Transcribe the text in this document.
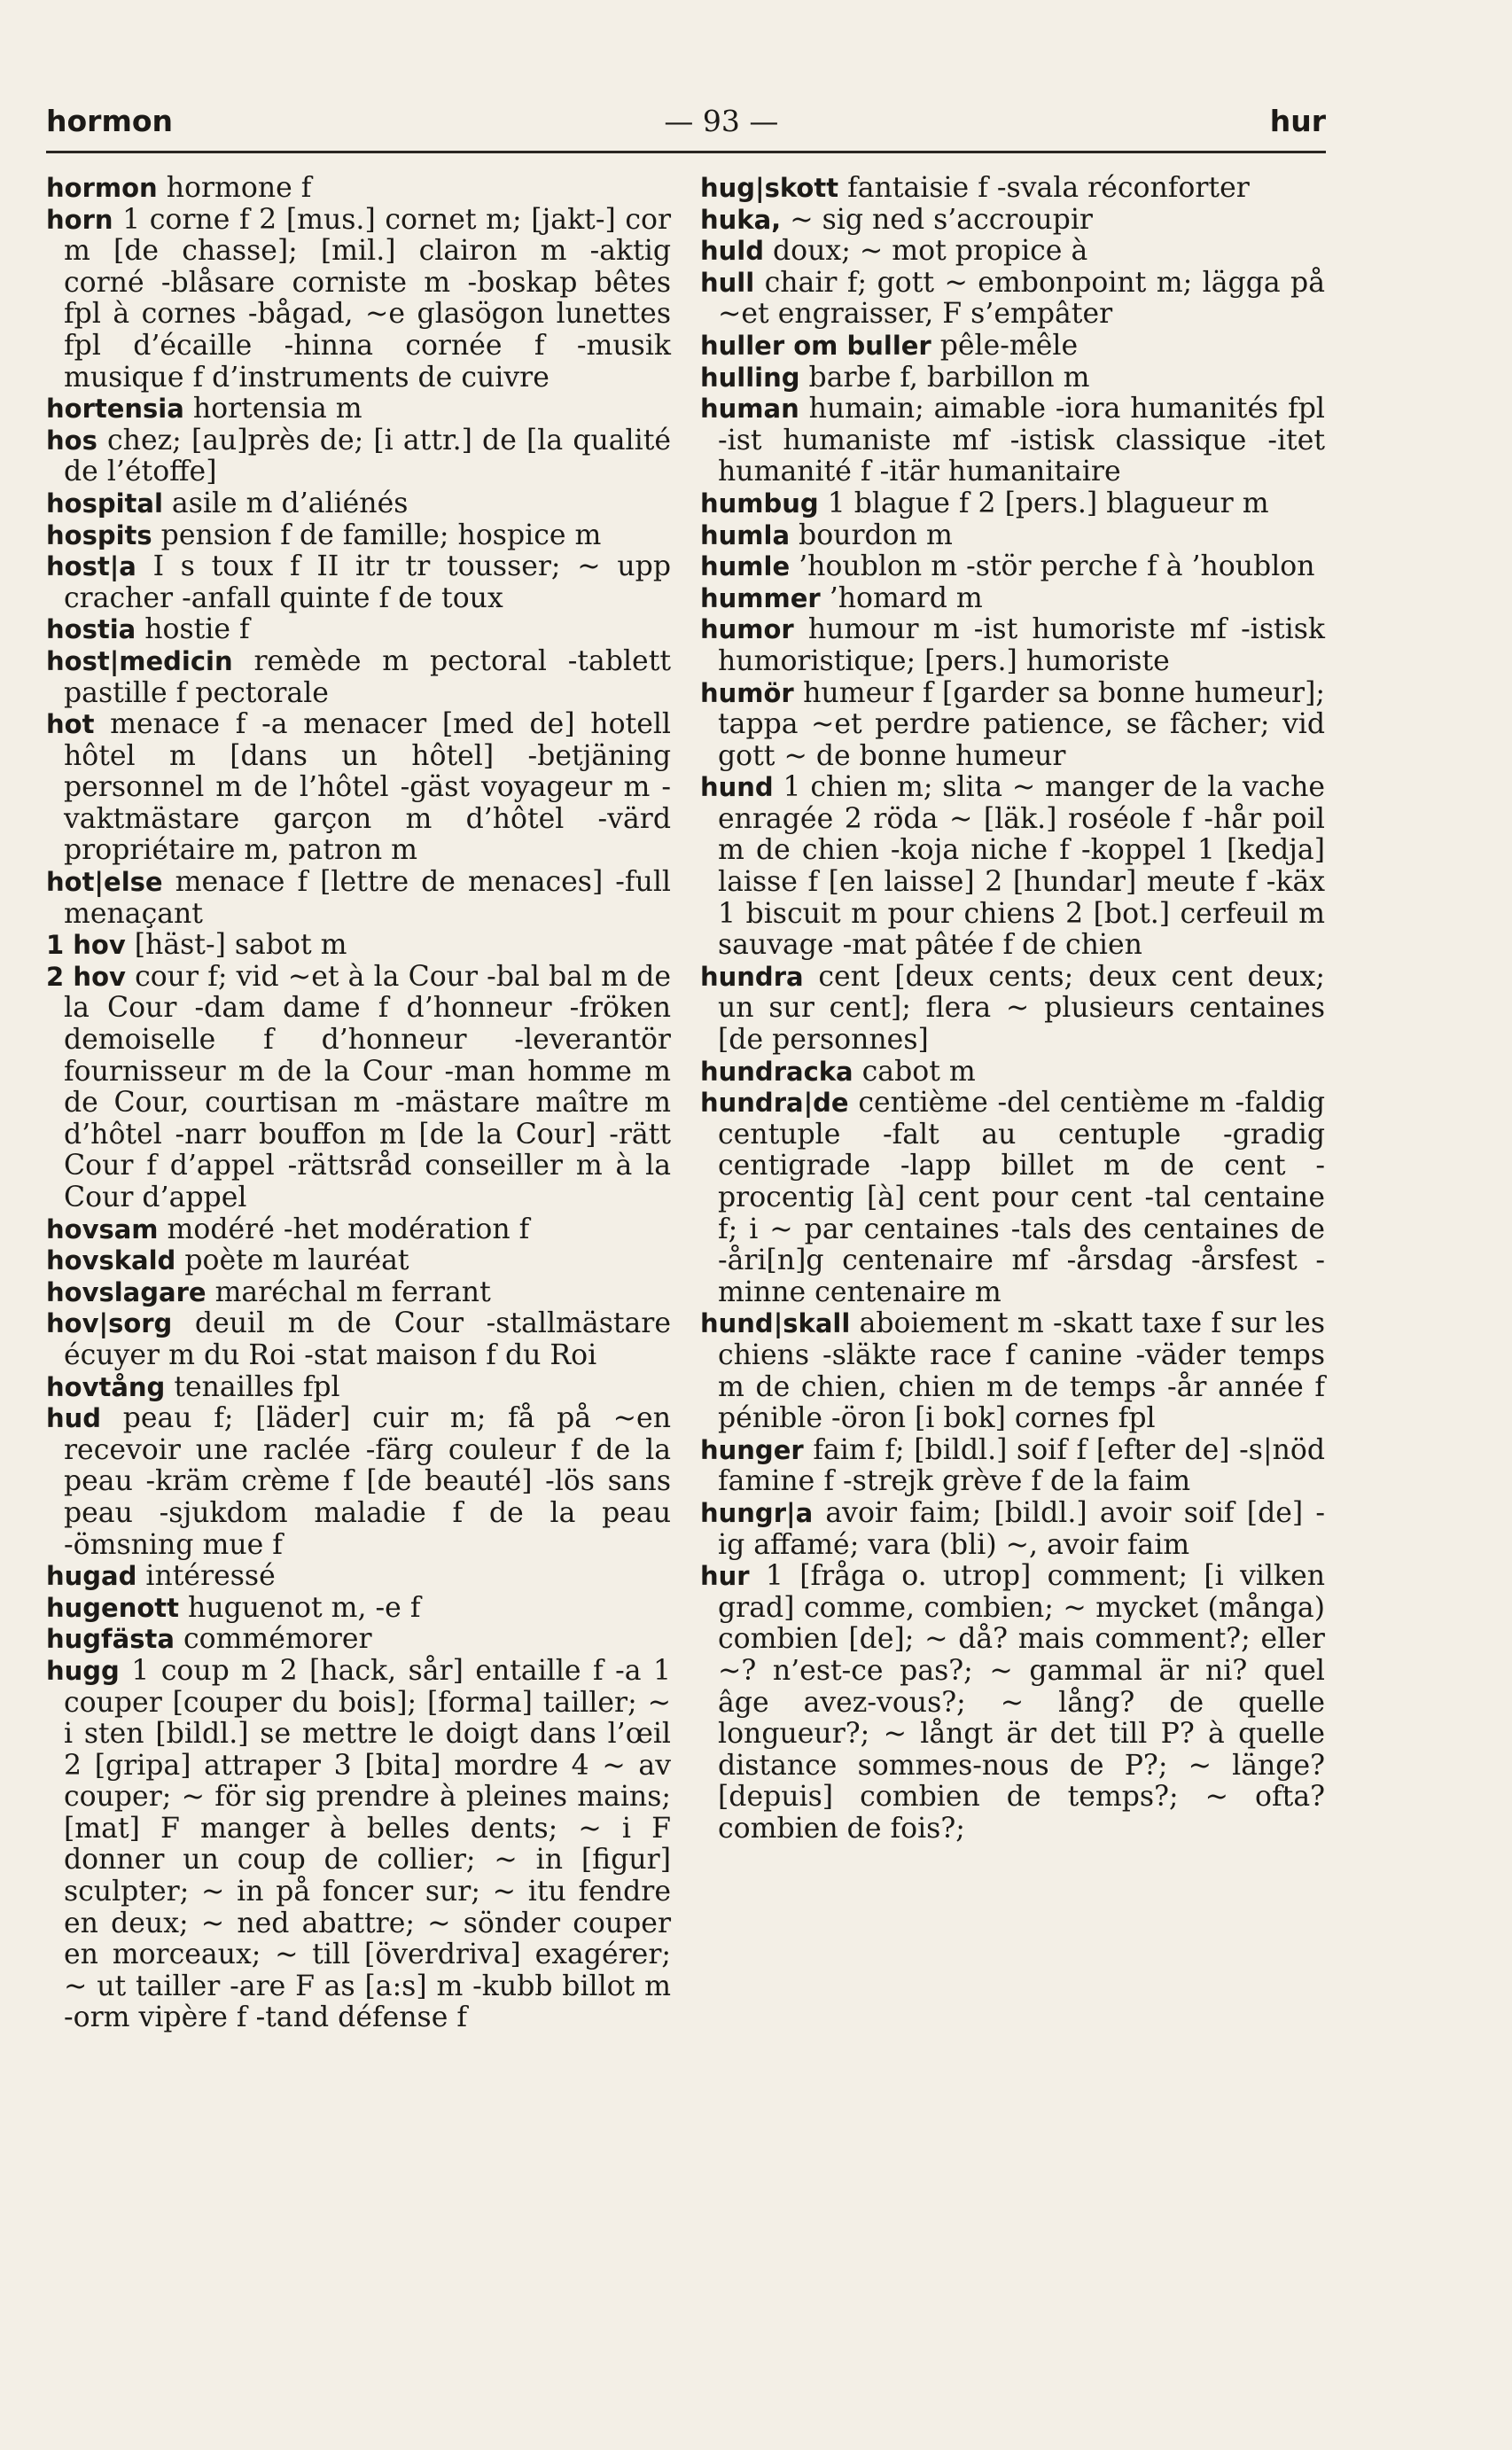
hormon	— 93 —	hur
hormon hormone f
horn 1 corne f 2 [mus.] cornet m; [jakt-] cor m [de chasse]; [mil.] clairon m -aktig corné -blåsare corniste m -boskap bêtes fpl à cornes -bågad, ~e glasögon lunettes fpl d’écaille -hinna cornée f -musik musique f d’instruments de cuivre
hortensia hortensia m
hos chez; [au]près de; [i attr.] de [la qualité de l’étoffe]
hospital asile m d’aliénés
hospits pension f de famille; hospice m
host|a I s toux f II itr tr tousser; ~ upp cracher -anfall quinte f de toux
hostia hostie f
host|medicin remède m pectoral -tablett pastille f pectorale
hot menace f -a menacer [med de] hotell hôtel m [dans un hôtel] -betjäning personnel m de l’hôtel -gäst voyageur m -vaktmästare garçon m d’hôtel -värd propriétaire m, patron m
hot|else menace f [lettre de menaces] -full menaçant
1 hov [häst-] sabot m
2 hov cour f; vid ~et à la Cour -bal bal m de la Cour -dam dame f d’honneur -fröken demoiselle f d’honneur -leverantör fournisseur m de la Cour -man homme m de Cour, courtisan m -mästare maître m d’hôtel -narr bouffon m [de la Cour] -rätt Cour f d’appel -rättsråd conseiller m à la Cour d’appel
hovsam modéré -het modération f
hovskald poète m lauréat
hovslagare maréchal m ferrant
hov|sorg deuil m de Cour -stallmästare écuyer m du Roi -stat maison f du Roi
hovtång tenailles fpl
hud peau f; [läder] cuir m; få på ~en recevoir une raclée -färg couleur f de la peau -kräm crème f [de beauté] -lös sans peau -sjukdom maladie f de la peau -ömsning mue f
hugad intéressé
hugenott huguenot m, -e f
hugfästa commémorer
hugg 1 coup m 2 [hack, sår] entaille f -a 1 couper [couper du bois]; [forma] tailler; ~ i sten [bildl.] se mettre le doigt dans l’œil 2 [gripa] attraper 3 [bita] mordre 4 ~ av couper; ~ för sig prendre à pleines mains; [mat] F manger à belles dents; ~ i F donner un coup de collier; ~ in [figur] sculpter; ~ in på foncer sur; ~ itu fendre en deux; ~ ned abattre; ~ sönder couper en morceaux; ~ till [överdriva] exagérer; ~ ut tailler -are F as [a:s] m -kubb billot m -orm vipère f -tand défense f
hug|skott fantaisie f -svala réconforter
huka, ~ sig ned s’accroupir
huld doux; ~ mot propice à
hull chair f; gott ~ embonpoint m; lägga på ~et engraisser, F s’empâter
huller om buller pêle-mêle
hulling barbe f, barbillon m
human humain; aimable -iora humanités fpl -ist humaniste mf -istisk classique -itet humanité f -itär humanitaire
humbug 1 blague f 2 [pers.] blagueur m
humla bourdon m
humle ’houblon m -stör perche f à ’houblon
hummer ’homard m
humor humour m -ist humoriste mf -istisk humoristique; [pers.] humoriste
humör humeur f [garder sa bonne humeur]; tappa ~et perdre patience, se fâcher; vid gott ~ de bonne humeur
hund 1 chien m; slita ~ manger de la vache enragée 2 röda ~ [läk.] roséole f -hår poil m de chien -koja niche f -koppel 1 [kedja] laisse f [en laisse] 2 [hundar] meute f -käx 1 biscuit m pour chiens 2 [bot.] cerfeuil m sauvage -mat pâtée f de chien
hundra cent [deux cents; deux cent deux; un sur cent]; flera ~ plusieurs centaines [de personnes]
hundracka cabot m
hundra|de centième -del centième m -faldig centuple -falt au centuple -gradig centigrade -lapp billet m de cent -procentig [à] cent pour cent -tal centaine f; i ~ par centaines -tals des centaines de -åri[n]g centenaire mf -årsdag -årsfest -minne centenaire m
hund|skall aboiement m -skatt taxe f sur les chiens -släkte race f canine -väder temps m de chien, chien m de temps -år année f pénible -öron [i bok] cornes fpl
hunger faim f; [bildl.] soif f [efter de] -s|nöd famine f -strejk grève f de la faim
hungr|a avoir faim; [bildl.] avoir soif [de] -ig affamé; vara (bli) ~, avoir faim
hur 1 [fråga o. utrop] comment; [i vilken grad] comme, combien; ~ mycket (många) combien [de]; ~ då? mais comment?; eller ~? n’est-ce pas?; ~ gammal är ni? quel âge avez-vous?; ~ lång? de quelle longueur?; ~ långt är det till P? à quelle distance sommes-nous de P?; ~ länge? [depuis] combien de temps?; ~ ofta? combien de fois?;
